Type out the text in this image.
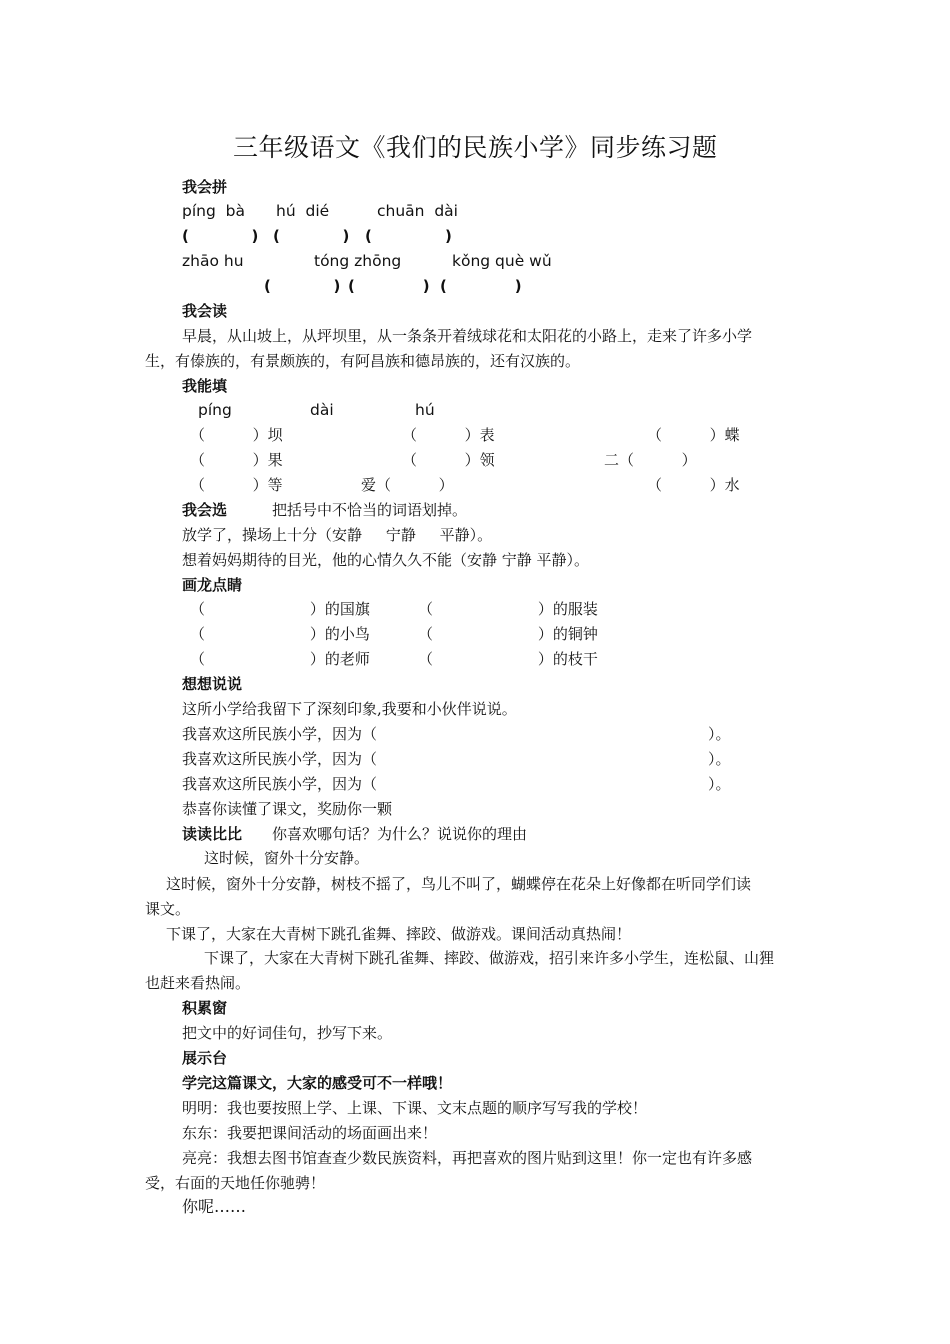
三年级语文《我们的民族小学》同步练习题
我会拼
píng  bà hú  dié	chuān  dài
(            ) (            ) (              )
zhāo hu	tóng zhōng	kǒng què wǔ
(            ) (             ) (             )
我会读
早晨，从山坡上，从坪坝里，从一条条开着绒球花和太阳花的小路上，走来了许多小学
生，有傣族的，有景颇族的，有阿昌族和德昂族的，还有汉族的。
我能填
píng	dài	hú
（          ）坝	（          ）表	（          ）蝶
（          ）果	（          ）领	二（          ）
（          ）等	爱（          ）	（          ）水
我会选	把括号中不恰当的词语划掉。
放学了，操场上十分（安静     宁静     平静）。
想着妈妈期待的目光，他的心情久久不能（安静 宁静 平静）。
画龙点睛
（                      ）的国旗	（                      ）的服装
（                      ）的小鸟	（                      ）的铜钟
（                      ）的老师	（                      ）的枝干
想想说说
这所小学给我留下了深刻印象,我要和小伙伴说说。
我喜欢这所民族小学，因为（	）。
我喜欢这所民族小学，因为（	）。
我喜欢这所民族小学，因为（	）。
恭喜你读懂了课文，奖励你一颗
读读比比 你喜欢哪句话？为什么？说说你的理由
这时候，窗外十分安静。
这时候，窗外十分安静，树枝不摇了，鸟儿不叫了，蝴蝶停在花朵上好像都在听同学们读
课文。
下课了，大家在大青树下跳孔雀舞、摔跤、做游戏。课间活动真热闹！
下课了，大家在大青树下跳孔雀舞、摔跤、做游戏，招引来许多小学生，连松鼠、山狸
也赶来看热闹。
积累窗
把文中的好词佳句，抄写下来。
展示台
学完这篇课文，大家的感受可不一样哦！
明明：我也要按照上学、上课、下课、文末点题的顺序写写我的学校！
东东：我要把课间活动的场面画出来！
亮亮：我想去图书馆查查少数民族资料，再把喜欢的图片贴到这里！你一定也有许多感
受，右面的天地任你驰骋！
你呢……
